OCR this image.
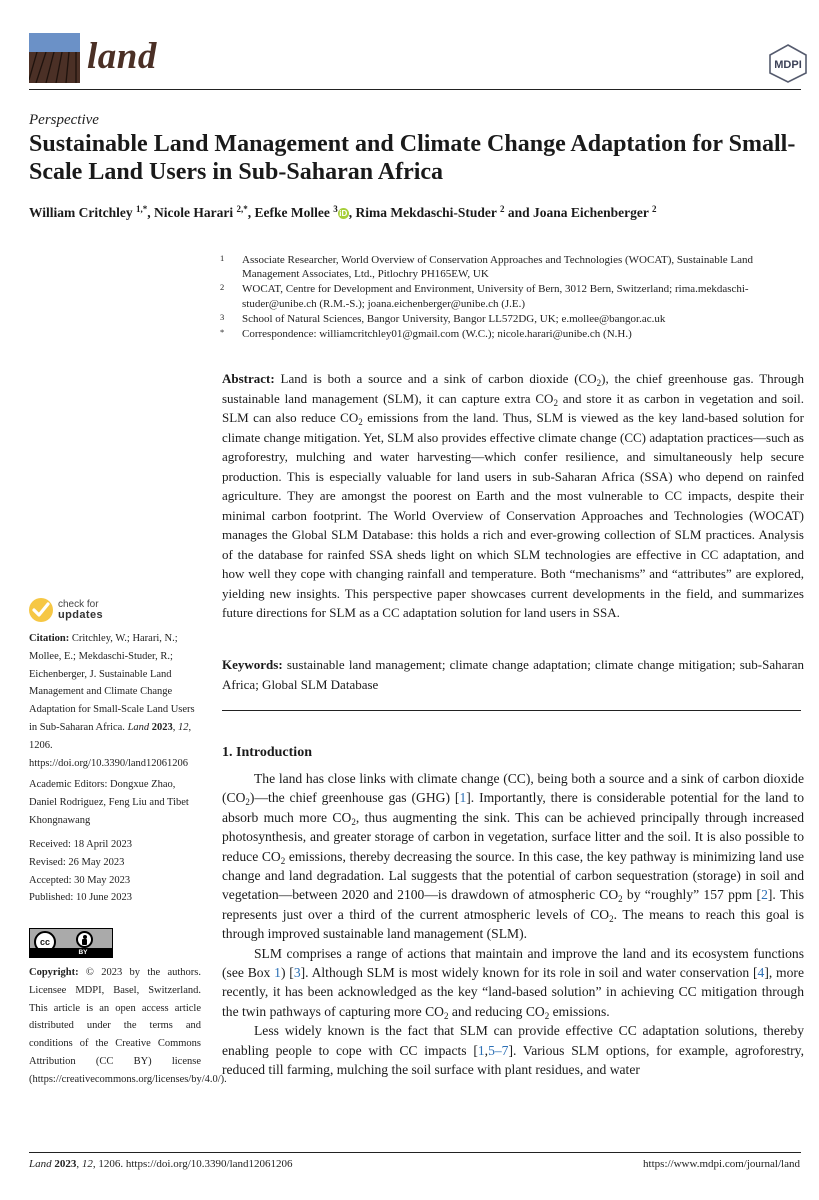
land	MDPI
Perspective
Sustainable Land Management and Climate Change Adaptation for Small-Scale Land Users in Sub-Saharan Africa
William Critchley $^{1,*}$, Nicole Harari $^{2,*}$, Eefke Mollee $^3$ iD , Rima Mekdaschi-Studer $^2$ and Joana Eichenberger $^2$
1 Associate Researcher, World Overview of Conservation Approaches and Technologies (WOCAT), Sustainable Land Management Associates, Ltd., Pitlochry PH165EW, UK
2 WOCAT, Centre for Development and Environment, University of Bern, 3012 Bern, Switzerland; rima.mekdaschi-studer@unibe.ch (R.M.-S.); joana.eichenberger@unibe.ch (J.E.)
3 School of Natural Sciences, Bangor University, Bangor LL572DG, UK; e.mollee@bangor.ac.uk
* Correspondence: williamcritchley01@gmail.com (W.C.); nicole.harari@unibe.ch (N.H.)
check for
updates
Citation: Critchley, W.; Harari, N.; Mollee, E.; Mekdaschi-Studer, R.; Eichenberger, J. Sustainable Land Management and Climate Change Adaptation for Small-Scale Land Users in Sub-Saharan Africa. Land 2023, 12, 1206. https://doi.org/10.3390/land12061206
Academic Editors: Dongxue Zhao, Daniel Rodriguez, Feng Liu and Tibet Khongnawang
Received: 18 April 2023
Revised: 26 May 2023
Accepted: 30 May 2023
Published: 10 June 2023
cc
BY
Copyright: © 2023 by the authors. Licensee MDPI, Basel, Switzerland. This article is an open access article distributed under the terms and conditions of the Creative Commons Attribution (CC BY) license (https://creativecommons.org/licenses/by/4.0/).
Abstract: Land is both a source and a sink of carbon dioxide $(CO_2)$, the chief greenhouse gas. Through sustainable land management (SLM), it can capture extra $CO_2$ and store it as carbon in vegetation and soil. SLM can also reduce $CO_2$ emissions from the land. Thus, SLM is viewed as the key land-based solution for climate change mitigation. Yet, SLM also provides effective climate change (CC) adaptation practices—such as agroforestry, mulching and water harvesting—which confer resilience, and simultaneously help secure production. This is especially valuable for land users in sub-Saharan Africa (SSA) who depend on rainfed agriculture. They are amongst the poorest on Earth and the most vulnerable to CC impacts, despite their minimal carbon footprint. The World Overview of Conservation Approaches and Technologies (WOCAT) manages the Global SLM Database: this holds a rich and ever-growing collection of SLM practices. Analysis of the database for rainfed SSA sheds light on which SLM technologies are effective in CC adaptation, and how well they cope with changing rainfall and temperature. Both “mechanisms” and “attributes” are explored, yielding new insights. This perspective paper showcases current developments in the field, and summarizes future directions for SLM as a CC adaptation solution for land users in SSA.
Keywords: sustainable land management; climate change adaptation; climate change mitigation; sub-Saharan Africa; Global SLM Database
1. Introduction

The land has close links with climate change (CC), being both a source and a sink of carbon dioxide $(CO_2)—the$ chief greenhouse gas (GHG) [1]. Importantly, there is considerable potential for the land to absorb much more $CO_2$, thus augmenting the sink. This can be achieved principally through increased photosynthesis, and greater storage of carbon in vegetation, surface litter and the soil. It is also possible to reduce $CO_2$ emissions, thereby decreasing the source. In this case, the key pathway is minimizing land use change and land degradation. Lal suggests that the potential of carbon sequestration (storage) in soil and vegetation—between 2020 and 2100—is drawdown of atmospheric $CO_2$ by “roughly” 157 ppm [2]. This represents just over a third of the current atmospheric levels of $CO_2$. The means to reach this goal is through improved sustainable land management (SLM).

SLM comprises a range of actions that maintain and improve the land and its ecosystem functions (see Box 1) [3]. Although SLM is most widely known for its role in soil and water conservation [4], more recently, it has been acknowledged as the key “land-based solution” in achieving CC mitigation through the twin pathways of capturing more $CO_2$ and reducing $CO_2$ emissions.

Less widely known is the fact that SLM can provide effective CC adaptation solutions, thereby enabling people to cope with CC impacts [1,5–7]. Various SLM options, for example, agroforestry, reduced till farming, mulching the soil surface with plant residues, and water

Land 2023, 12, 1206. https://doi.org/10.3390/land12061206	https://www.mdpi.com/journal/land
